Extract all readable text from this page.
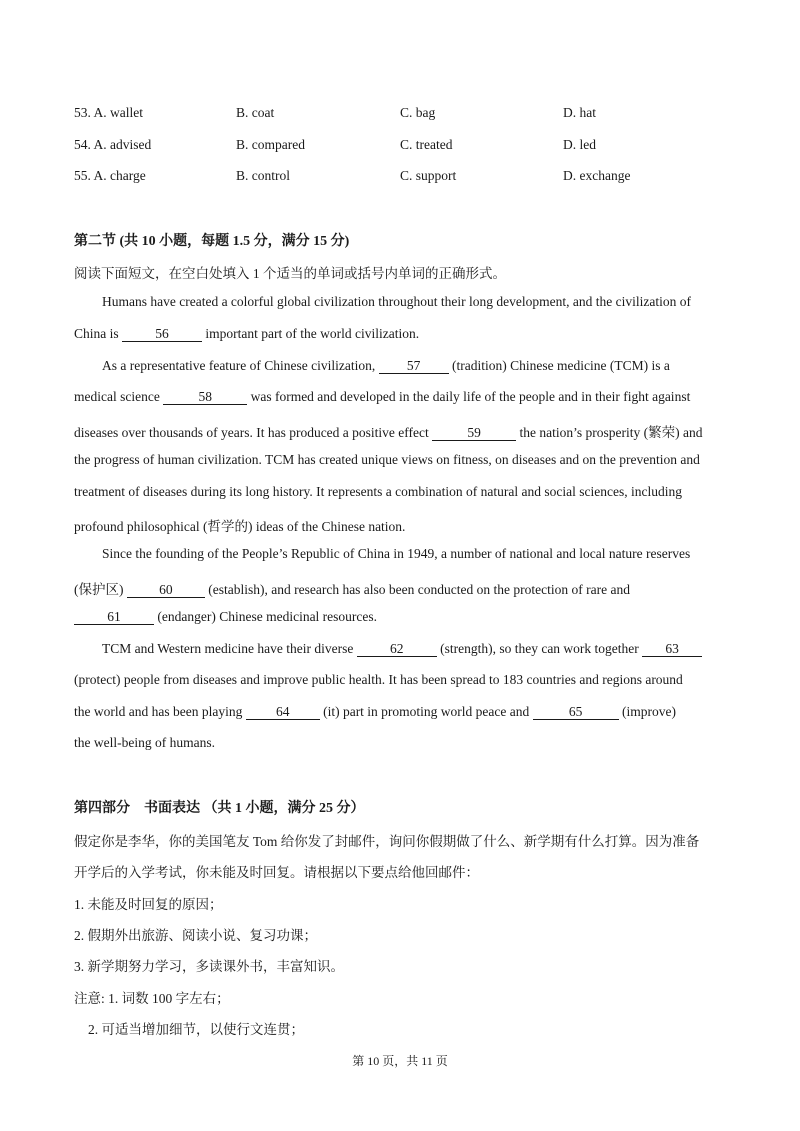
53. A. wallet	B. coat	C. bag	D. hat
54. A. advised	B. compared	C. treated	D. led
55. A. charge	B. control	C. support	D. exchange
第二节 (共 10 小题，每题 1.5 分，满分 15 分)
阅读下面短文，在空白处填入 1 个适当的单词或括号内单词的正确形式。
Humans have created a colorful global civilization throughout their long development, and the civilization of
China is	56	important part of the world civilization.
As a representative feature of Chinese civilization, 57 (tradition) Chinese medicine (TCM) is a
medical science	58	was formed and developed in the daily life of the people and in their fight against
diseases over thousands of years. It has produced a positive effect	59	the nation’s prosperity (繁荣) and
the progress of human civilization. TCM has created unique views on fitness, on diseases and on the prevention and
treatment of diseases during its long history. It represents a combination of natural and social sciences, including
profound philosophical (哲学的) ideas of the Chinese nation.
Since the founding of the People’s Republic of China in 1949, a number of national and local nature reserves
(保护区)	60	(establish), and research has also been conducted on the protection of rare and
61	(endanger) Chinese medicinal resources.
TCM and Western medicine have their diverse	62	(strength), so they can work together 63
(protect) people from diseases and improve public health. It has been spread to 183 countries and regions around
the world and has been playing 64 (it) part in promoting world peace and	65	(improve)
the well-being of humans.
第四部分　书面表达 （共 1 小题，满分 25 分）
假定你是李华，你的美国笔友 Tom 给你发了封邮件，询问你假期做了什么、新学期有什么打算。因为准备
开学后的入学考试，你未能及时回复。请根据以下要点给他回邮件：
1. 未能及时回复的原因；
2. 假期外出旅游、阅读小说、复习功课；
3. 新学期努力学习，多读课外书，丰富知识。
注意: 1. 词数 100 字左右；
2. 可适当增加细节，以使行文连贯；
第 10 页，共 11 页
